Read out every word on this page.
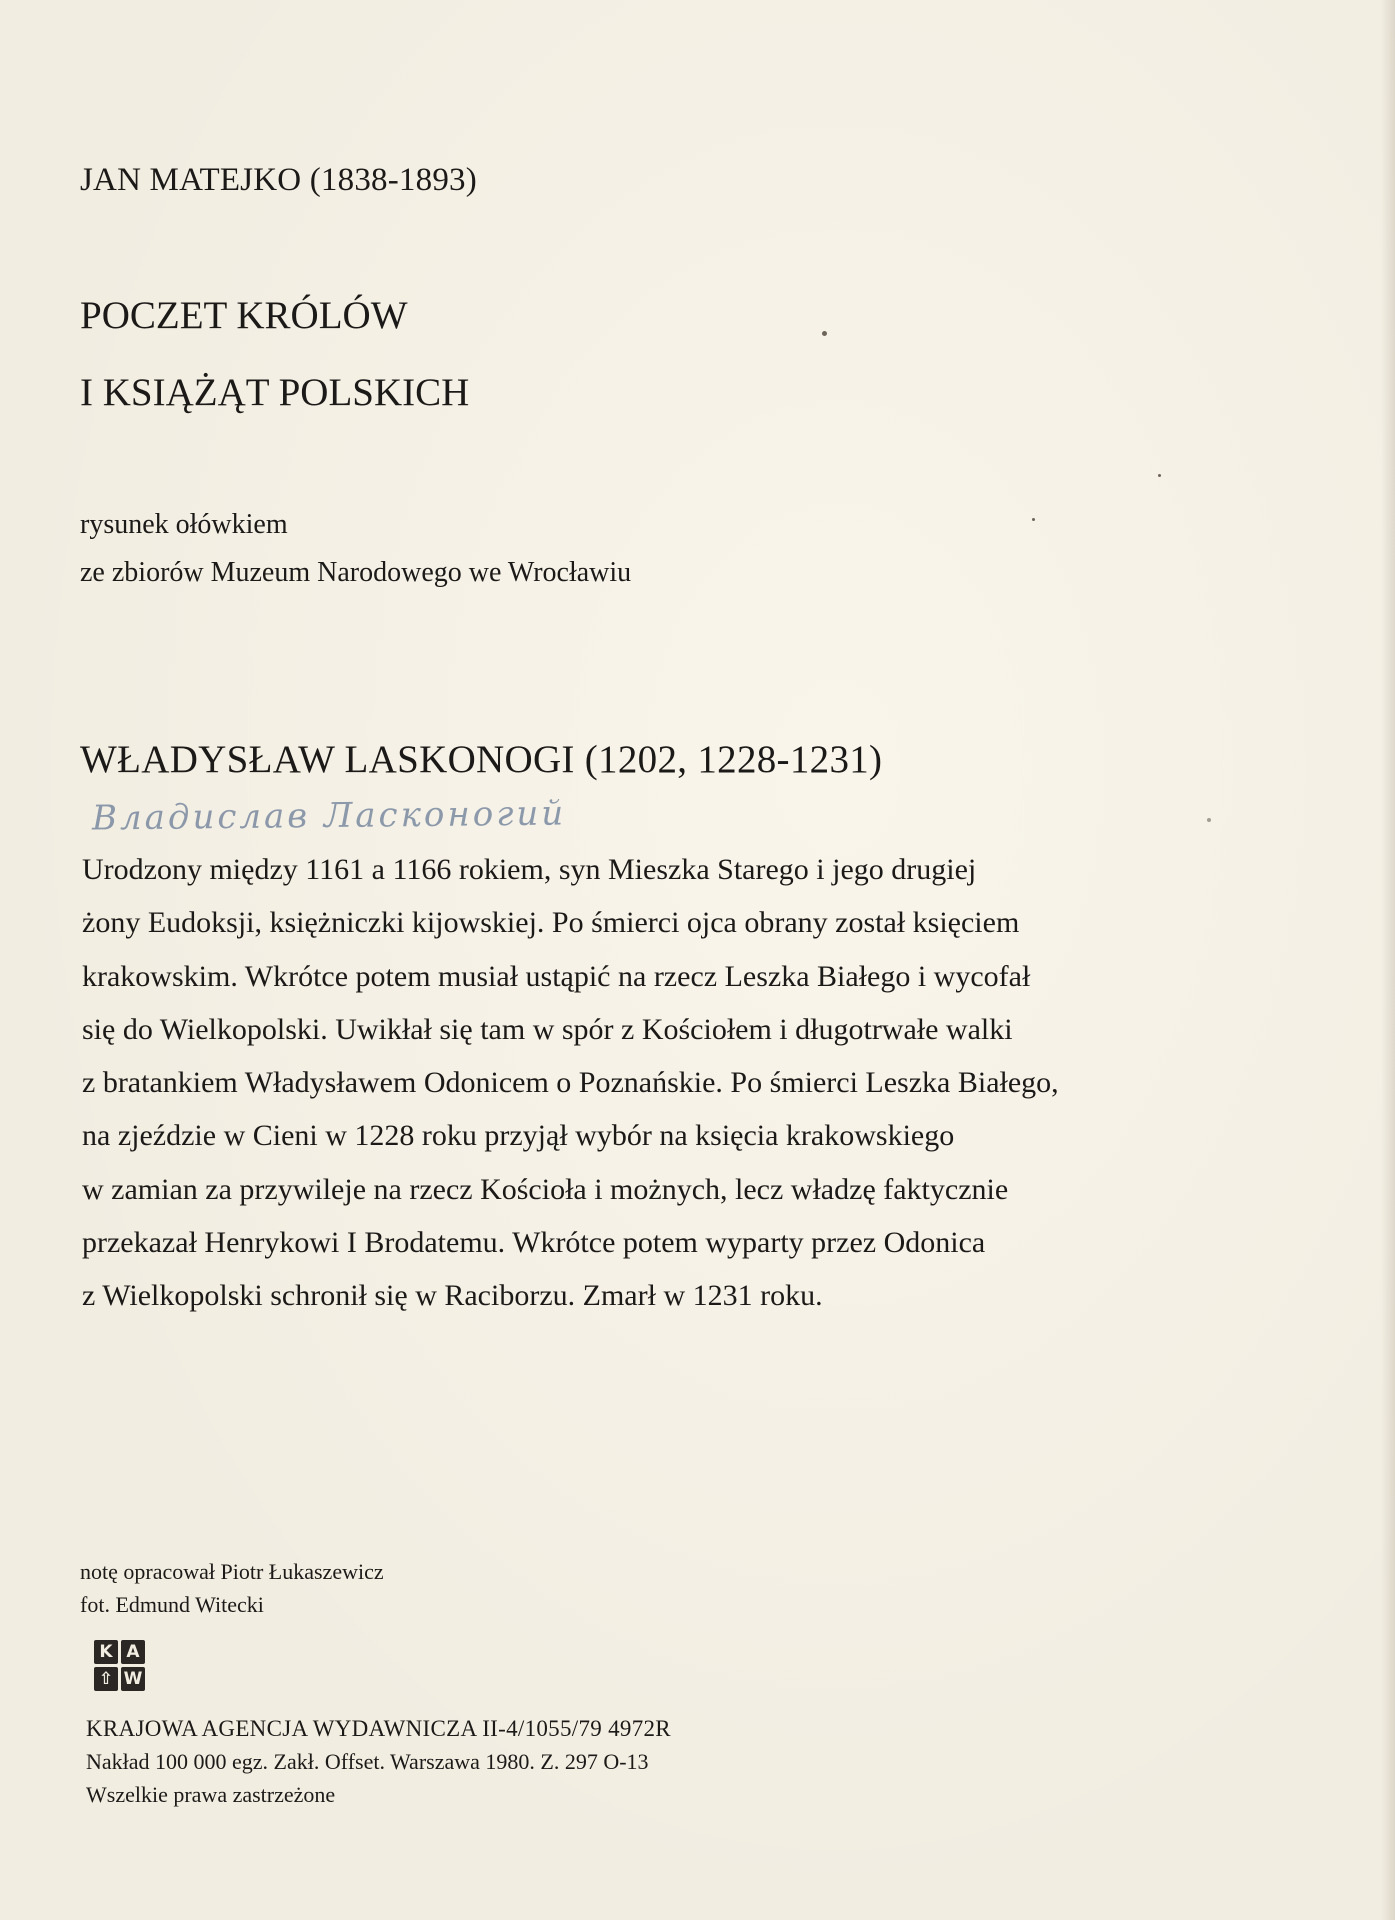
JAN MATEJKO (1838-1893)
POCZET KRÓLÓW
I KSIĄŻĄT POLSKICH
rysunek ołówkiem
ze zbiorów Muzeum Narodowego we Wrocławiu
WŁADYSŁAW LASKONOGI (1202, 1228-1231)
Владислав Ласконогий
Urodzony między 1161 a 1166 rokiem, syn Mieszka Starego i jego drugiej
żony Eudoksji, księżniczki kijowskiej. Po śmierci ojca obrany został księciem
krakowskim. Wkrótce potem musiał ustąpić na rzecz Leszka Białego i wycofał
się do Wielkopolski. Uwikłał się tam w spór z Kościołem i długotrwałe walki
z bratankiem Władysławem Odonicem o Poznańskie. Po śmierci Leszka Białego,
na zjeździe w Cieni w 1228 roku przyjął wybór na księcia krakowskiego
w zamian za przywileje na rzecz Kościoła i możnych, lecz władzę faktycznie
przekazał Henrykowi I Brodatemu. Wkrótce potem wyparty przez Odonica
z Wielkopolski schronił się w Raciborzu. Zmarł w 1231 roku.
notę opracował Piotr Łukaszewicz
fot. Edmund Witecki
K A
⇧ W
KRAJOWA AGENCJA WYDAWNICZA II-4/1055/79 4972R
Nakład 100 000 egz. Zakł. Offset. Warszawa 1980. Z. 297 O-13
Wszelkie prawa zastrzeżone
